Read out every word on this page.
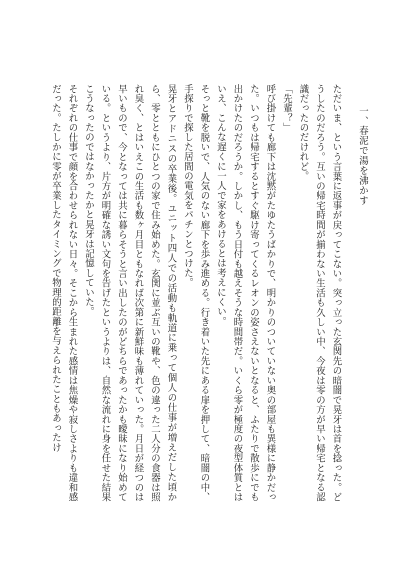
一、春泥で湯を沸かす

ただいま、という言葉に返事が戻ってこない。突っ立った玄関先の暗闇で晃牙は首を捻った。どうしたのだろう。互いの帰宅時間が揃わない生活も久しい中、今夜は零の方が早い帰宅となる認識だったのだけれど。

「先輩？」

呼び掛けても廊下は沈黙がたゆたうばかりで、明かりのついていない奥の部屋も異様に静かだった。いつもは帰宅するとすぐ駆け寄ってくるレオンの姿さえないとなると、ふたりで散歩にでも出かけたのだろうか。しかし、もう日付も越えそうな時間帯だ。いくら零が極度の夜型体質とはいえ、こんな遅くに一人で家をあけるとは考えにくい。

そっと靴を脱いで、人気のない廊下を歩み進める。行き着いた先にある扉を押して、暗闇の中、手探りで探した居間の電気をパチンとつけた。

晃牙とアドニスの卒業後。ユニット四人での活動も軌道に乗って個人の仕事が増えだした頃から、零とともにひとつの家で住み始めた。玄関に並ぶ互いの靴や、色の違った二人分の食器は照れ臭く、とはいえこの生活も数ヶ月目ともなれば次第に新鮮味も薄れていった。月日が経つのは早いもので、今となっては共に暮らそうと言い出したのがどちらであったかも曖昧になり始めている。というより、片方が明確な誘い文句を告げたというよりは、自然な流れに身を任せた結果こうなったのではなかったかと晃牙は記憶していた。

それぞれの仕事で顔を合わせられない日々。そこから生まれた感情は焦燥や寂しさよりも違和感だった。たしかに零が卒業したタイミングで物理的距離を与えられたこともあったけ
